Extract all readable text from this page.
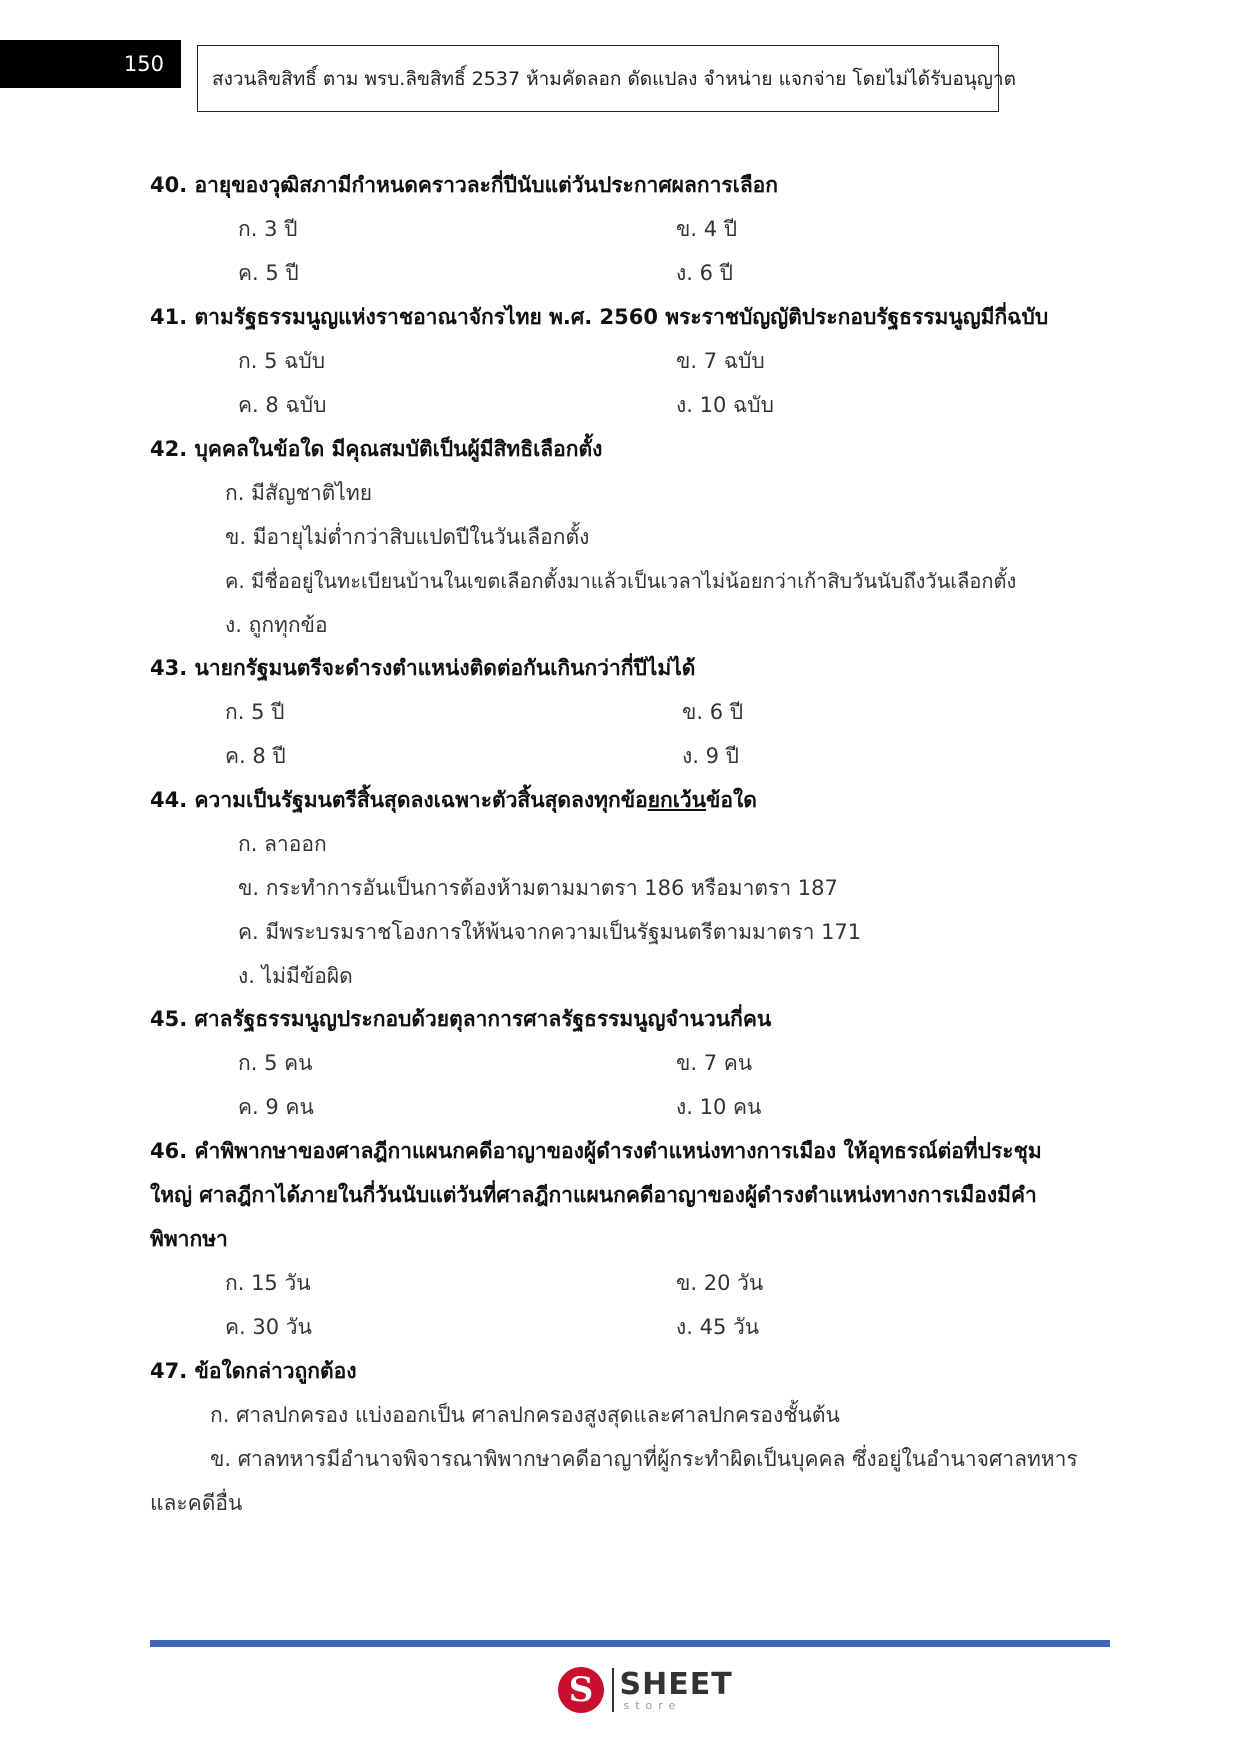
150
สงวนลิขสิทธิ์ ตาม พรบ.ลิขสิทธิ์ 2537 ห้ามคัดลอก ดัดแปลง จำหน่าย แจกจ่าย โดยไม่ได้รับอนุญาต
40. อายุของวุฒิสภามีกำหนดคราวละกี่ปีนับแต่วันประกาศผลการเลือก
ก. 3 ปี	ข. 4 ปี
ค. 5 ปี	ง. 6 ปี
41. ตามรัฐธรรมนูญแห่งราชอาณาจักรไทย พ.ศ. 2560 พระราชบัญญัติประกอบรัฐธรรมนูญมีกี่ฉบับ
ก. 5 ฉบับ	ข. 7 ฉบับ
ค. 8 ฉบับ	ง. 10 ฉบับ
42. บุคคลในข้อใด มีคุณสมบัติเป็นผู้มีสิทธิเลือกตั้ง
ก. มีสัญชาติไทย
ข. มีอายุไม่ต่ำกว่าสิบแปดปีในวันเลือกตั้ง
ค. มีชื่ออยู่ในทะเบียนบ้านในเขตเลือกตั้งมาแล้วเป็นเวลาไม่น้อยกว่าเก้าสิบวันนับถึงวันเลือกตั้ง
ง. ถูกทุกข้อ
43. นายกรัฐมนตรีจะดำรงตำแหน่งติดต่อกันเกินกว่ากี่ปีไม่ได้
ก. 5 ปี	ข. 6 ปี
ค. 8 ปี	ง. 9 ปี
44. ความเป็นรัฐมนตรีสิ้นสุดลงเฉพาะตัวสิ้นสุดลงทุกข้อยกเว้นข้อใด
ก. ลาออก
ข. กระทำการอันเป็นการต้องห้ามตามมาตรา 186 หรือมาตรา 187
ค. มีพระบรมราชโองการให้พ้นจากความเป็นรัฐมนตรีตามมาตรา 171
ง. ไม่มีข้อผิด
45. ศาลรัฐธรรมนูญประกอบด้วยตุลาการศาลรัฐธรรมนูญจำนวนกี่คน
ก. 5 คน	ข. 7 คน
ค. 9 คน	ง. 10 คน
46. คำพิพากษาของศาลฎีกาแผนกคดีอาญาของผู้ดำรงตำแหน่งทางการเมือง ให้อุทธรณ์ต่อที่ประชุม
ใหญ่ ศาลฎีกาได้ภายในกี่วันนับแต่วันที่ศาลฎีกาแผนกคดีอาญาของผู้ดำรงตำแหน่งทางการเมืองมีคำ
พิพากษา
ก. 15 วัน	ข. 20 วัน
ค. 30 วัน	ง. 45 วัน
47. ข้อใดกล่าวถูกต้อง
ก. ศาลปกครอง แบ่งออกเป็น ศาลปกครองสูงสุดและศาลปกครองชั้นต้น
ข. ศาลทหารมีอำนาจพิจารณาพิพากษาคดีอาญาที่ผู้กระทำผิดเป็นบุคคล ซึ่งอยู่ในอำนาจศาลทหาร
และคดีอื่น
S SHEET
store
